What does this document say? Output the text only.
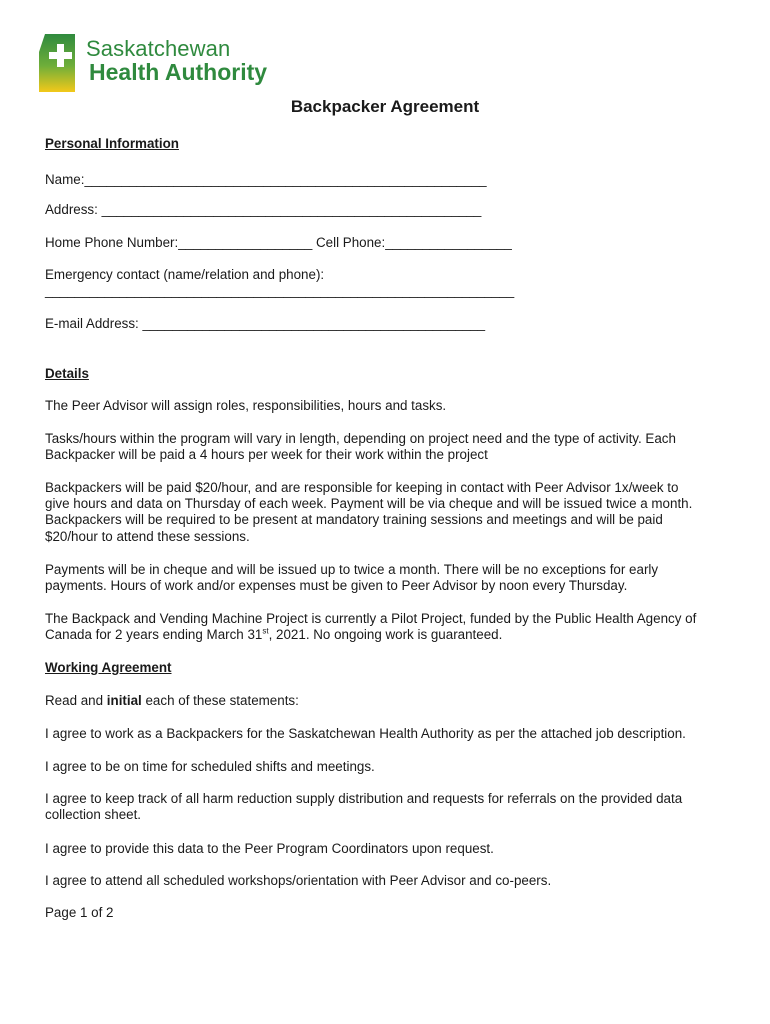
Saskatchewan
Health Authority
Backpacker Agreement

Personal Information

Name:______________________________________________________

Address: ___________________________________________________

Home Phone Number:__________________ Cell Phone:_________________

Emergency contact (name/relation and phone):

_______________________________________________________________

E-mail Address: ______________________________________________

Details

The Peer Advisor will assign roles, responsibilities, hours and tasks.

Tasks/hours within the program will vary in length, depending on project need and the type of activity. Each
Backpacker will be paid a 4 hours per week for their work within the project
Backpackers will be paid $20/hour, and are responsible for keeping in contact with Peer Advisor 1x/week to
give hours and data on Thursday of each week. Payment will be via cheque and will be issued twice a month.
Backpackers will be required to be present at mandatory training sessions and meetings and will be paid
$20/hour to attend these sessions.
Payments will be in cheque and will be issued up to twice a month. There will be no exceptions for early
payments. Hours of work and/or expenses must be given to Peer Advisor by noon every Thursday.
The Backpack and Vending Machine Project is currently a Pilot Project, funded by the Public Health Agency of
Canada for 2 years ending March 31st, 2021. No ongoing work is guaranteed.

Working Agreement

Read and initial each of these statements:

I agree to work as a Backpackers for the Saskatchewan Health Authority as per the attached job description.

I agree to be on time for scheduled shifts and meetings.

I agree to keep track of all harm reduction supply distribution and requests for referrals on the provided data
collection sheet.

I agree to provide this data to the Peer Program Coordinators upon request.

I agree to attend all scheduled workshops/orientation with Peer Advisor and co-peers.

Page 1 of 2
